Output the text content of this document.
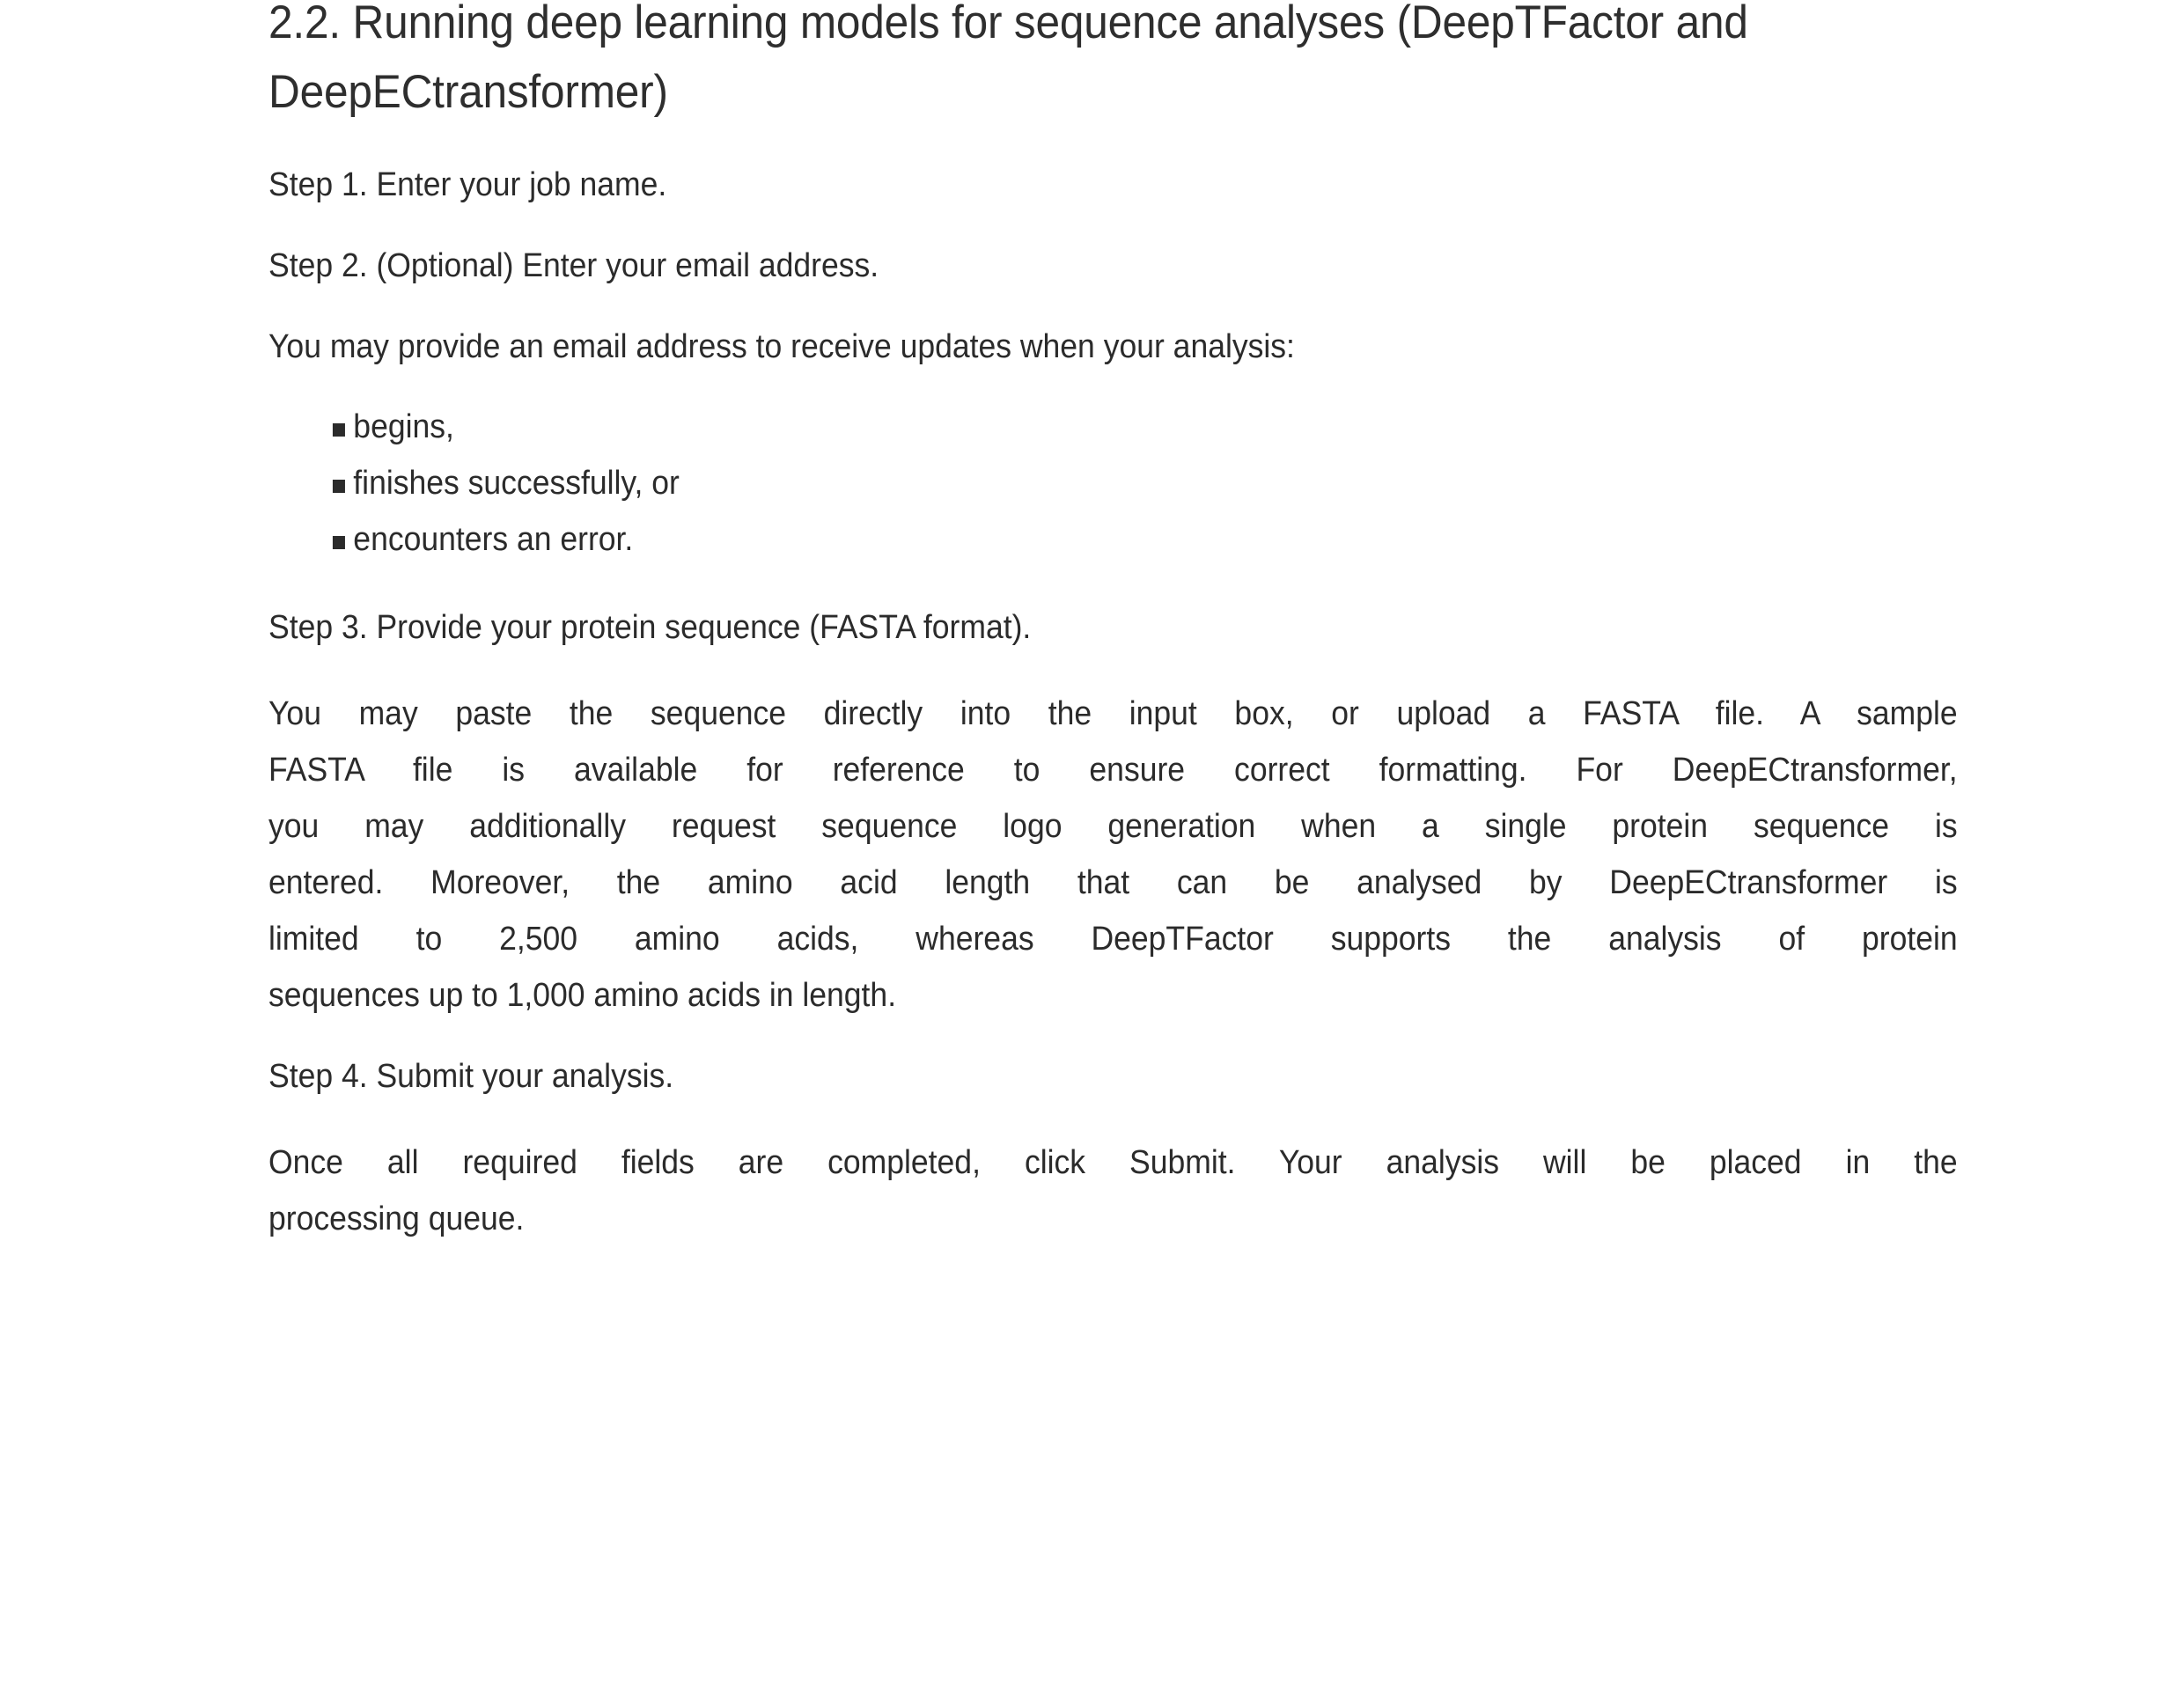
2.2. Running deep learning models for sequence analyses (DeepTFactor and DeepECtransformer)

Step 1. Enter your job name.

Step 2. (Optional) Enter your email address.

You may provide an email address to receive updates when your analysis:

begins,
finishes successfully, or
encounters an error.

Step 3. Provide your protein sequence (FASTA format).

You may paste the sequence directly into the input box, or upload a FASTA file. A sample
FASTA file is available for reference to ensure correct formatting. For DeepECtransformer,
you may additionally request sequence logo generation when a single protein sequence is
entered. Moreover, the amino acid length that can be analysed by DeepECtransformer is
limited to 2,500 amino acids, whereas DeepTFactor supports the analysis of protein
sequences up to 1,000 amino acids in length.

Step 4. Submit your analysis.

Once all required fields are completed, click Submit. Your analysis will be placed in the
processing queue.
